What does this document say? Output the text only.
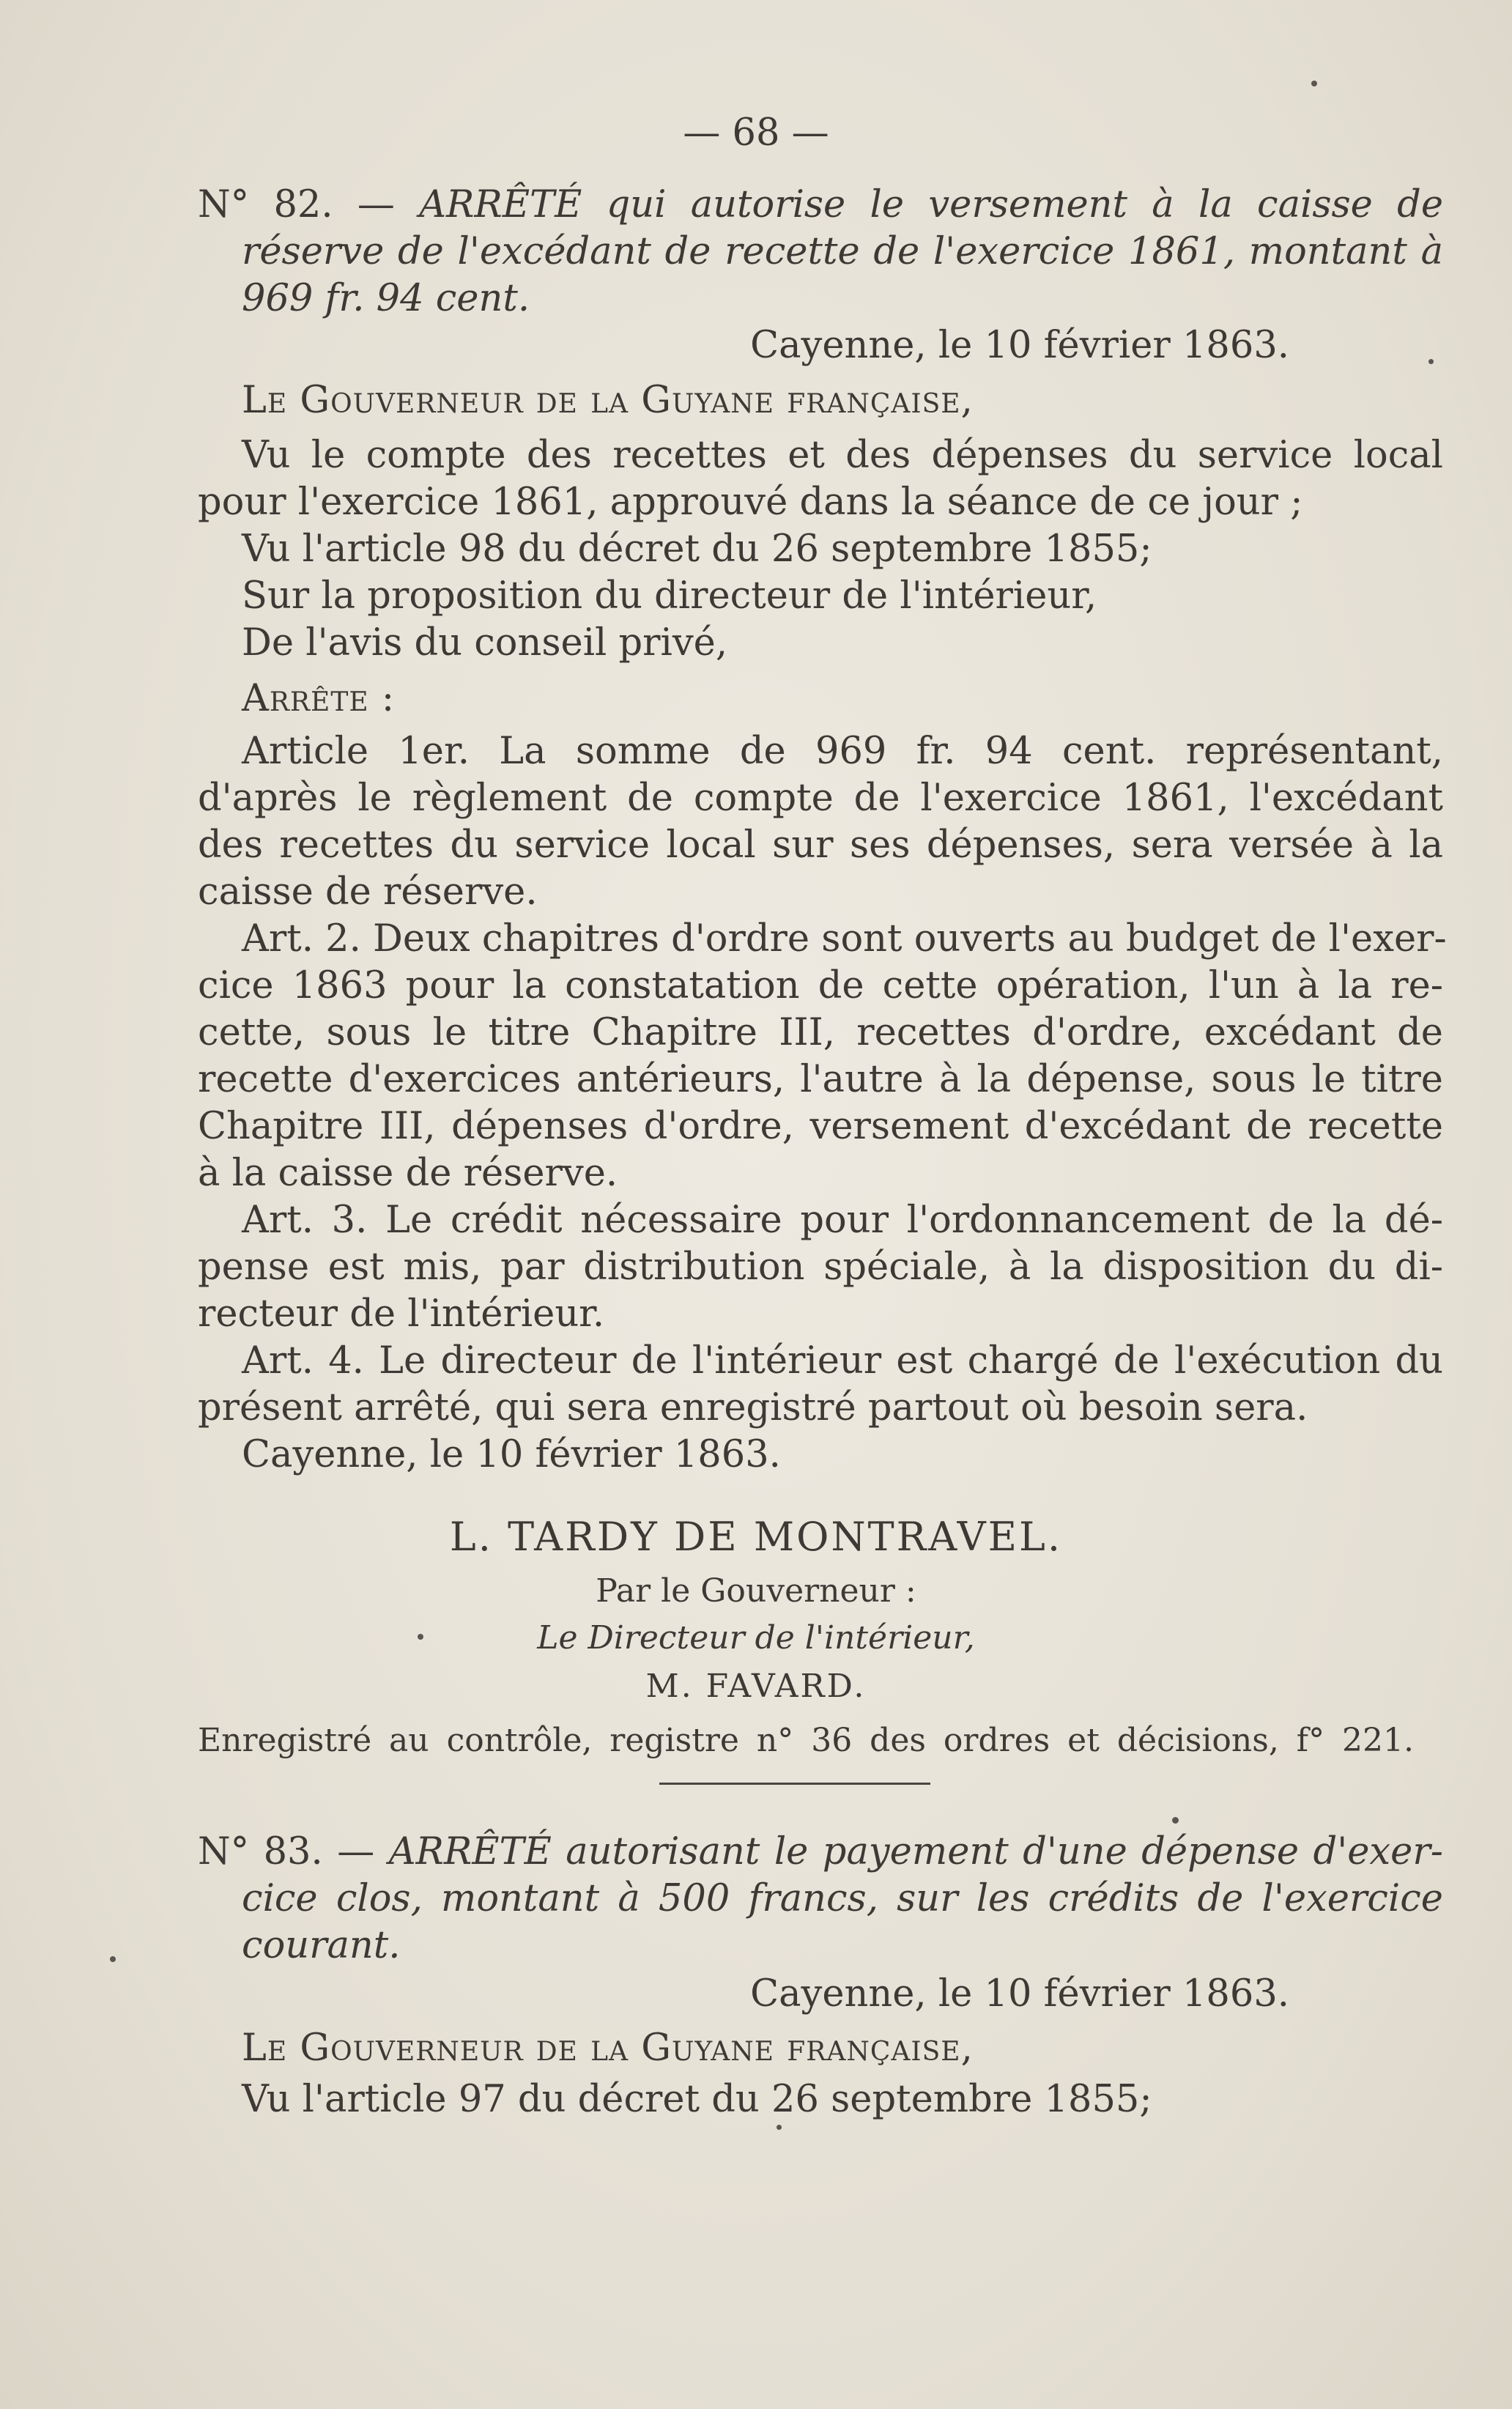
— 68 —
N° 82. — ARRÊTÉ qui autorise le versement à la caisse de
réserve de l'excédant de recette de l'exercice 1861, montant à
969 fr. 94 cent.
Cayenne, le 10 février 1863.
Le Gouverneur de la Guyane française,
Vu le compte des recettes et des dépenses du service local
pour l'exercice 1861, approuvé dans la séance de ce jour ;
Vu l'article 98 du décret du 26 septembre 1855;
Sur la proposition du directeur de l'intérieur,
De l'avis du conseil privé,
Arrête :
Article 1er. La somme de 969 fr. 94 cent. représentant,
d'après le règlement de compte de l'exercice 1861, l'excédant
des recettes du service local sur ses dépenses, sera versée à la
caisse de réserve.
Art. 2. Deux chapitres d'ordre sont ouverts au budget de l'exer-
cice 1863 pour la constatation de cette opération, l'un à la re-
cette, sous le titre Chapitre III, recettes d'ordre, excédant de
recette d'exercices antérieurs, l'autre à la dépense, sous le titre
Chapitre III, dépenses d'ordre, versement d'excédant de recette
à la caisse de réserve.
Art. 3. Le crédit nécessaire pour l'ordonnancement de la dé-
pense est mis, par distribution spéciale, à la disposition du di-
recteur de l'intérieur.
Art. 4. Le directeur de l'intérieur est chargé de l'exécution du
présent arrêté, qui sera enregistré partout où besoin sera.
Cayenne, le 10 février 1863.
L. TARDY DE MONTRAVEL.
Par le Gouverneur :
Le Directeur de l'intérieur,
M. FAVARD.
Enregistré au contrôle, registre n° 36 des ordres et décisions, f° 221.
N° 83. — ARRÊTÉ autorisant le payement d'une dépense d'exer-
cice clos, montant à 500 francs, sur les crédits de l'exercice
courant.
Cayenne, le 10 février 1863.
Le Gouverneur de la Guyane française,
Vu l'article 97 du décret du 26 septembre 1855;
